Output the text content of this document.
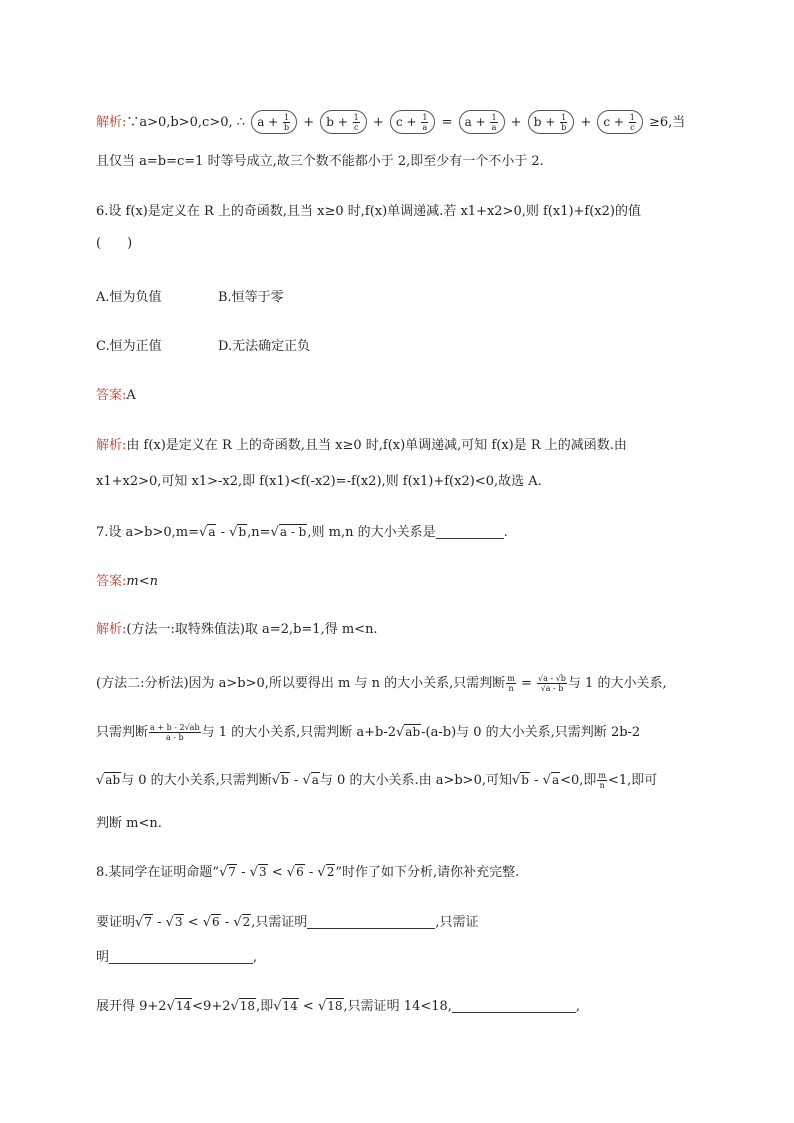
解析:∵a>0,b>0,c>0, ∴ $a + \frac{1}{b} + b + \frac{1}{c} + c + \frac{1}{a} = a + \frac{1}{a} + b + \frac{1}{b} + c + \frac{1}{c} \ge 6$,当
且仅当 a=b=c=1 时等号成立,故三个数不能都小于 2,即至少有一个不小于 2.
6.设 f(x)是定义在 R 上的奇函数,且当 x≥0 时,f(x)单调递减.若 x1+x2>0,则 f(x1)+f(x2)的值
(　　)
A.恒为负值	B.恒等于零
C.恒为正值	D.无法确定正负
答案:A
解析:由 f(x)是定义在 R 上的奇函数,且当 x≥0 时,f(x)单调递减,可知 f(x)是 R 上的减函数.由
x1+x2>0,可知 x1>-x2,即 f(x1)<f(-x2)=-f(x2),则 f(x1)+f(x2)<0,故选 A.
7.设 a>b>0,m=√a - √b,n=√a - b,则 m,n 的大小关系是	.
答案:m<n
解析:(方法一:取特殊值法)取 a=2,b=1,得 m<n.
(方法二:分析法)因为 a>b>0,所以要得出 m 与 n 的大小关系,只需判断 $\frac{m}{n} = \frac{√a - √b}{√a - b}$ 与 1 的大小关系,
只需判断 $\frac{a + b - 2√ab}{a - b}$ 与 1 的大小关系,只需判断 a+b-2√ab-(a-b)与 0 的大小关系,只需判断 2b-2
√ab与 0 的大小关系,只需判断√b - √a与 0 的大小关系.由 a>b>0,可知√b - √a<0,即 $\frac{m}{n} <1$,即可
判断 m<n.
8.某同学在证明命题“√7 - √3 < √6 - √2”时作了如下分析,请你补充完整.
要证明√7 - √3 < √6 - √2,只需证明	,只需证
明	,
展开得 9+2√14<9+2√18,即√14 < √18,只需证明 14<18,	,
